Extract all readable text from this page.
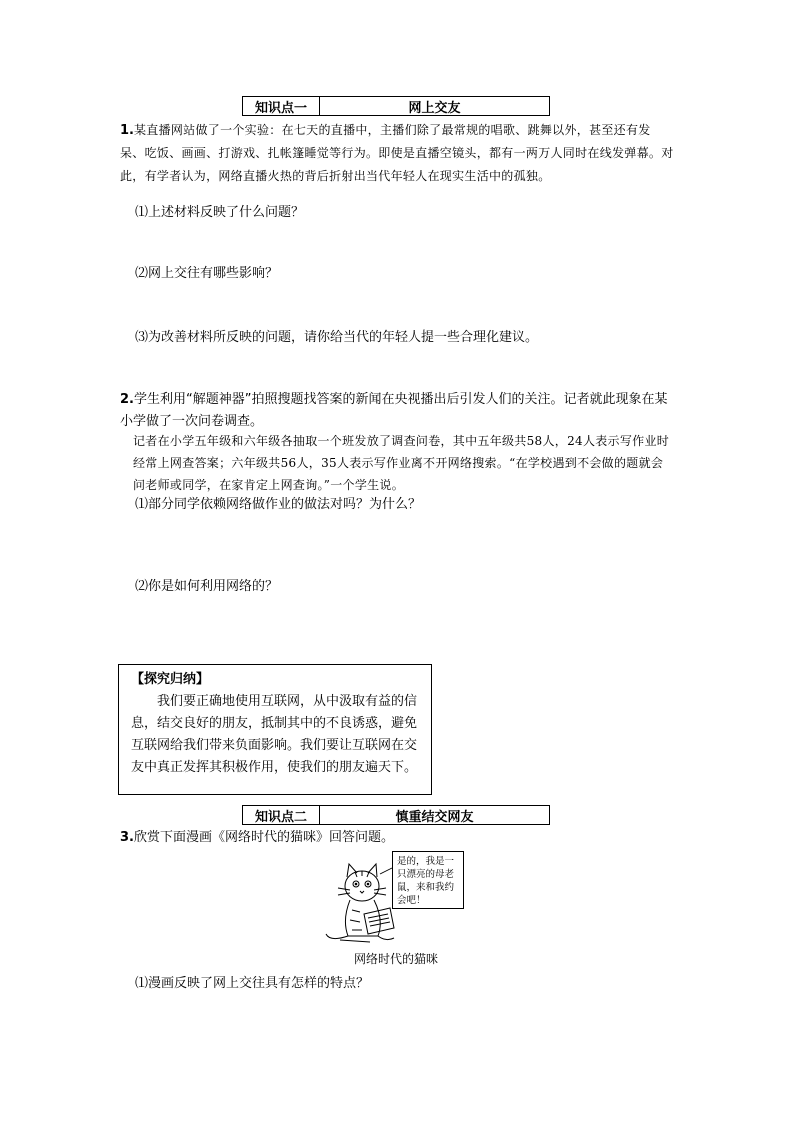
知识点一	网上交友
1.某直播网站做了一个实验：在七天的直播中，主播们除了最常规的唱歌、跳舞以外，甚至还有发呆、吃饭、画画、打游戏、扎帐篷睡觉等行为。即使是直播空镜头，都有一两万人同时在线发弹幕。对此，有学者认为，网络直播火热的背后折射出当代年轻人在现实生活中的孤独。
⑴上述材料反映了什么问题？
⑵网上交往有哪些影响？
⑶为改善材料所反映的问题，请你给当代的年轻人提一些合理化建议。
2.学生利用“解题神器”拍照搜题找答案的新闻在央视播出后引发人们的关注。记者就此现象在某小学做了一次问卷调查。
记者在小学五年级和六年级各抽取一个班发放了调查问卷，其中五年级共58人，24人表示写作业时经常上网查答案；六年级共56人，35人表示写作业离不开网络搜索。“在学校遇到不会做的题就会问老师或同学，在家肯定上网查询。”一个学生说。
⑴部分同学依赖网络做作业的做法对吗？为什么？
⑵你是如何利用网络的？
【探究归纳】
我们要正确地使用互联网，从中汲取有益的信息，结交良好的朋友，抵制其中的不良诱惑，避免互联网给我们带来负面影响。我们要让互联网在交友中真正发挥其积极作用，使我们的朋友遍天下。
知识点二	慎重结交网友
3.欣赏下面漫画《网络时代的猫咪》回答问题。
是的，我是一只漂亮的母老鼠，来和我约会吧！
网络时代的猫咪
⑴漫画反映了网上交往具有怎样的特点？
